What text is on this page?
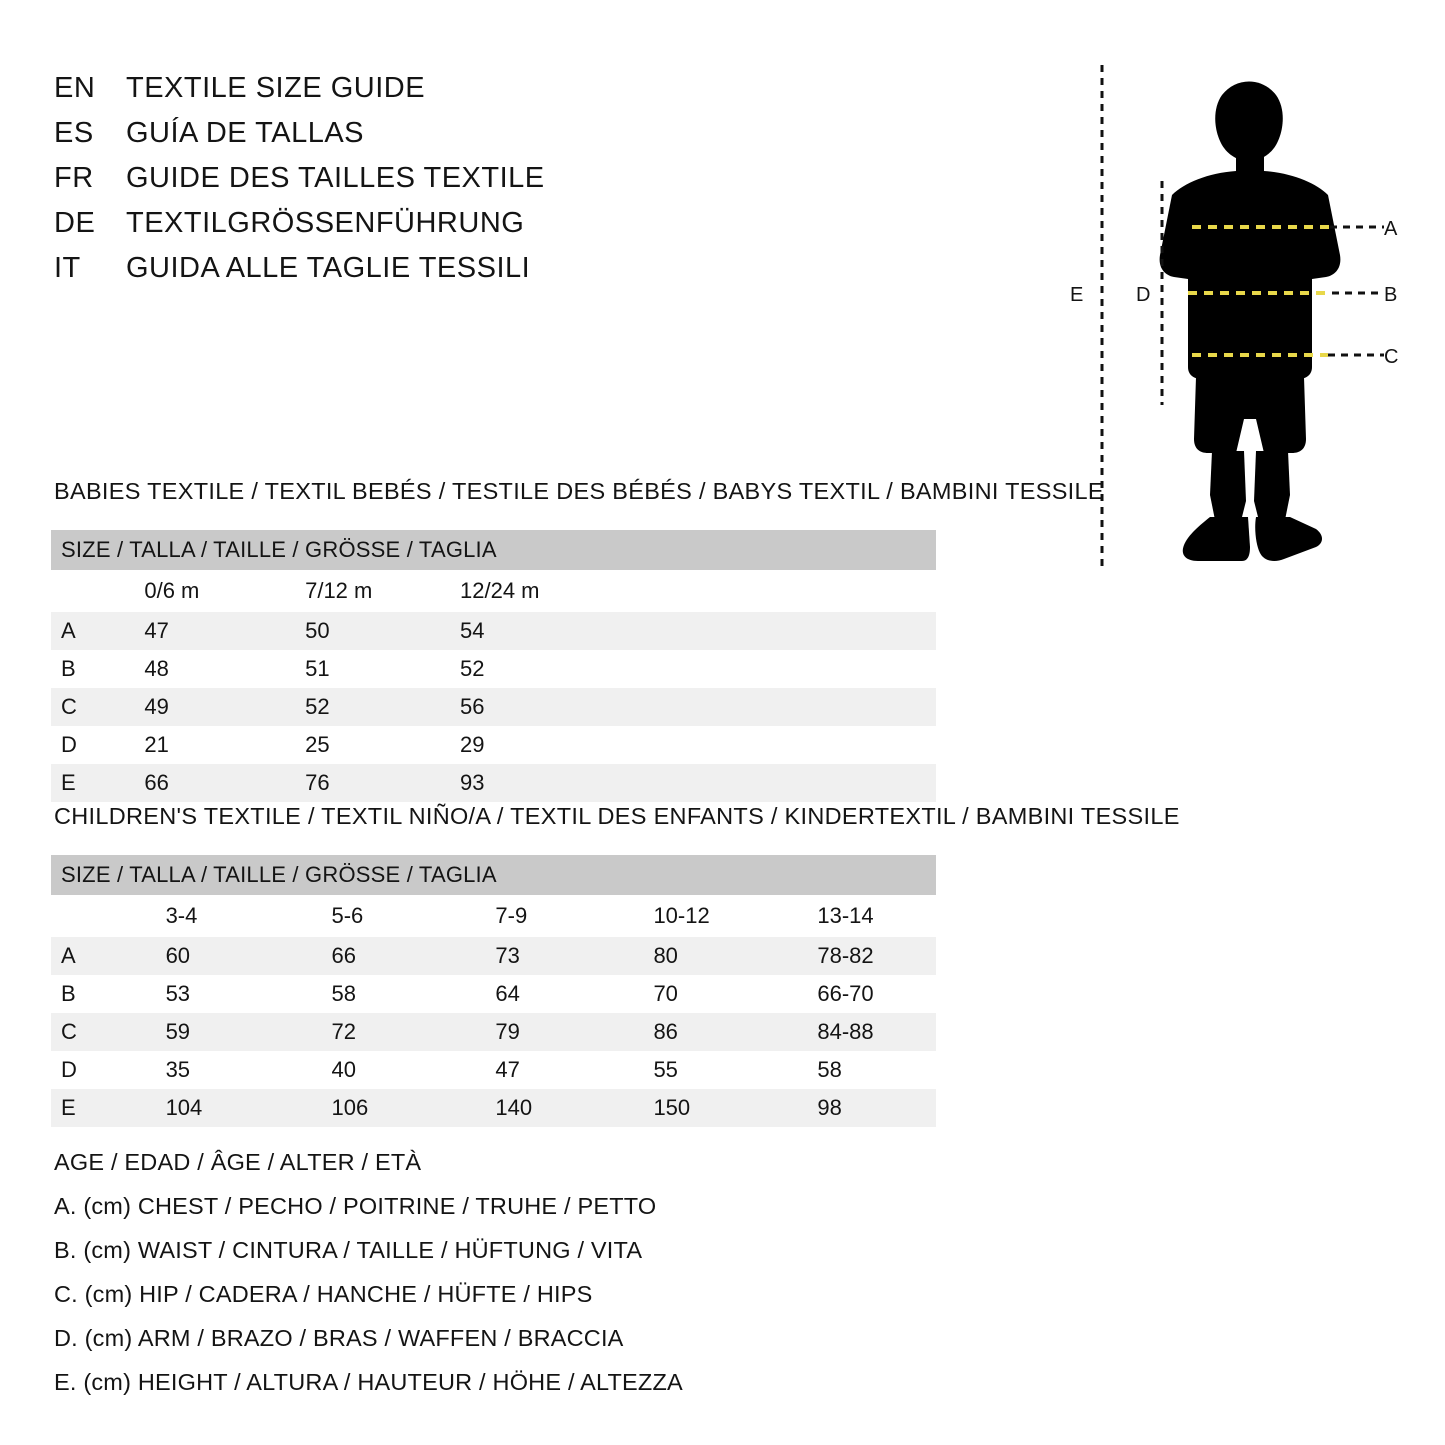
EN	TEXTILE SIZE GUIDE
ES	GUÍA DE TALLAS
FR	GUIDE DES TAILLES TEXTILE
DE	TEXTILGRÖSSENFÜHRUNG
IT	GUIDA ALLE TAGLIE TESSILI
A
B
C
D
E
BABIES TEXTILE / TEXTIL BEBÉS / TESTILE DES BÉBÉS / BABYS TEXTIL / BAMBINI TESSILE
SIZE / TALLA / TAILLE / GRÖSSE / TAGLIA			
	0/6 m	7/12 m	12/24 m
A	47	50	54
B	48	51	52
C	49	52	56
D	21	25	29
E	66	76	93
CHILDREN'S TEXTILE / TEXTIL NIÑO/A / TEXTIL DES ENFANTS / KINDERTEXTIL / BAMBINI TESSILE
SIZE / TALLA / TAILLE / GRÖSSE / TAGLIA					
	3-4	5-6	7-9	10-12	13-14
A	60	66	73	80	78-82
B	53	58	64	70	66-70
C	59	72	79	86	84-88
D	35	40	47	55	58
E	104	106	140	150	98
AGE / EDAD / ÂGE / ALTER / ETÀ
A. (cm) CHEST / PECHO / POITRINE / TRUHE / PETTO
B. (cm) WAIST / CINTURA / TAILLE / HÜFTUNG / VITA
C. (cm) HIP / CADERA / HANCHE / HÜFTE / HIPS
D. (cm) ARM / BRAZO / BRAS / WAFFEN / BRACCIA
E. (cm) HEIGHT / ALTURA / HAUTEUR / HÖHE / ALTEZZA
